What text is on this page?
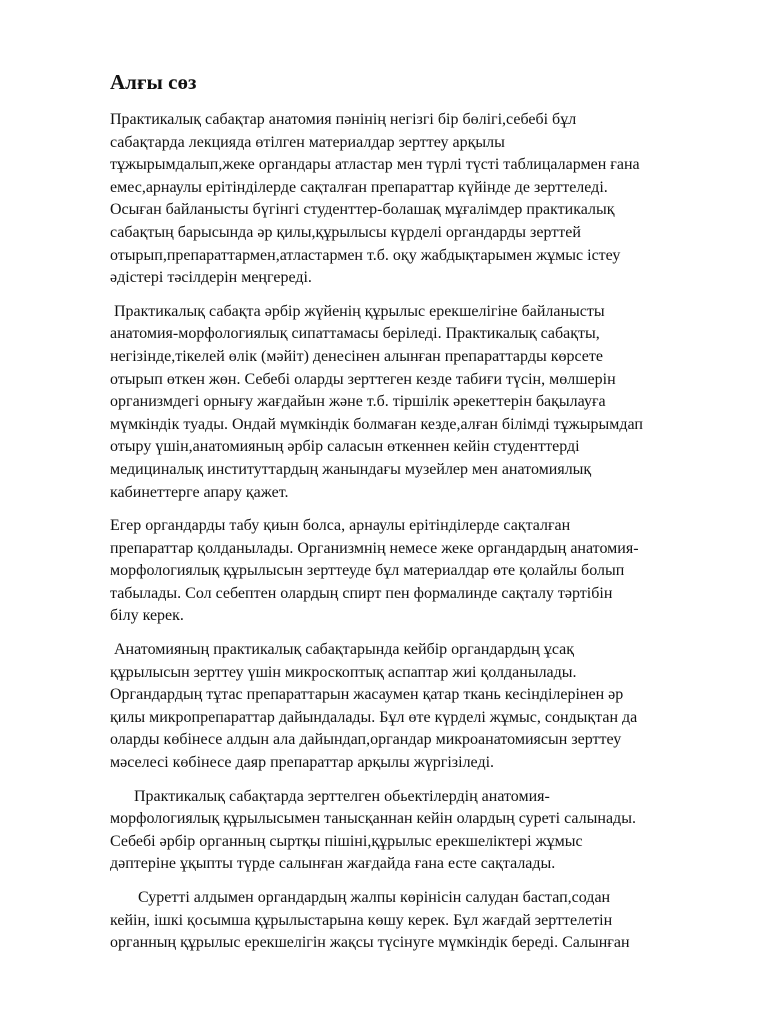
Алғы сөз

Практикалық сабақтар анатомия пәнінің негізгі бір бөлігі,себебі бұл
сабақтарда лекцияда өтілген материалдар зерттеу арқылы
тұжырымдалып,жеке органдары атластар мен түрлі түсті таблицалармен ғана
емес,арнаулы ерітінділерде сақталған препараттар күйінде де зерттеледі.
Осыған байланысты бүгінгі студенттер-болашақ мұғалімдер практикалық
сабақтың барысында әр қилы,құрылысы күрделі органдарды зерттей
отырып,препараттармен,атластармен т.б. оқу жабдықтарымен жұмыс істеу
әдістері тәсілдерін меңгереді.

Практикалық сабақта әрбір жүйенің құрылыс ерекшелігіне байланысты
анатомия-морфологиялық сипаттамасы беріледі. Практикалық сабақты,
негізінде,тікелей өлік (мәйіт) денесінен алынған препараттарды көрсете
отырып өткен жөн. Себебі оларды зерттеген кезде табиғи түсін, мөлшерін
организмдегі орнығу жағдайын және т.б. тіршілік әрекеттерін бақылауға
мүмкіндік туады. Ондай мүмкіндік болмаған кезде,алған білімді тұжырымдап
отыру үшін,анатомияның әрбір саласын өткеннен кейін студенттерді
медициналық институттардың жанындағы музейлер мен анатомиялық
кабинеттерге апару қажет.

Егер органдарды табу қиын болса, арнаулы ерітінділерде сақталған
препараттар қолданылады. Организмнің немесе жеке органдардың анатомия-
морфологиялық құрылысын зерттеуде бұл материалдар өте қолайлы болып
табылады. Сол себептен олардың спирт пен формалинде сақталу тәртібін
білу керек.

Анатомияның практикалық сабақтарында кейбір органдардың ұсақ
құрылысын зерттеу үшін микроскоптық аспаптар жиі қолданылады.
Органдардың тұтас препараттарын жасаумен қатар ткань кесінділерінен әр
қилы микропрепараттар дайындалады. Бұл өте күрделі жұмыс, сондықтан да
оларды көбінесе алдын ала дайындап,органдар микроанатомиясын зерттеу
мәселесі көбінесе даяр препараттар арқылы жүргізіледі.

Практикалық сабақтарда зерттелген обьектілердің анатомия-
морфологиялық құрылысымен танысқаннан кейін олардың суреті салынады.
Себебі әрбір органның сыртқы пішіні,құрылыс ерекшеліктері жұмыс
дәптеріне ұқыпты түрде салынған жағдайда ғана есте сақталады.

Суретті алдымен органдардың жалпы көрінісін салудан бастап,содан
кейін, ішкі қосымша құрылыстарына көшу керек. Бұл жағдай зерттелетін
органның құрылыс ерекшелігін жақсы түсінуге мүмкіндік береді. Салынған
